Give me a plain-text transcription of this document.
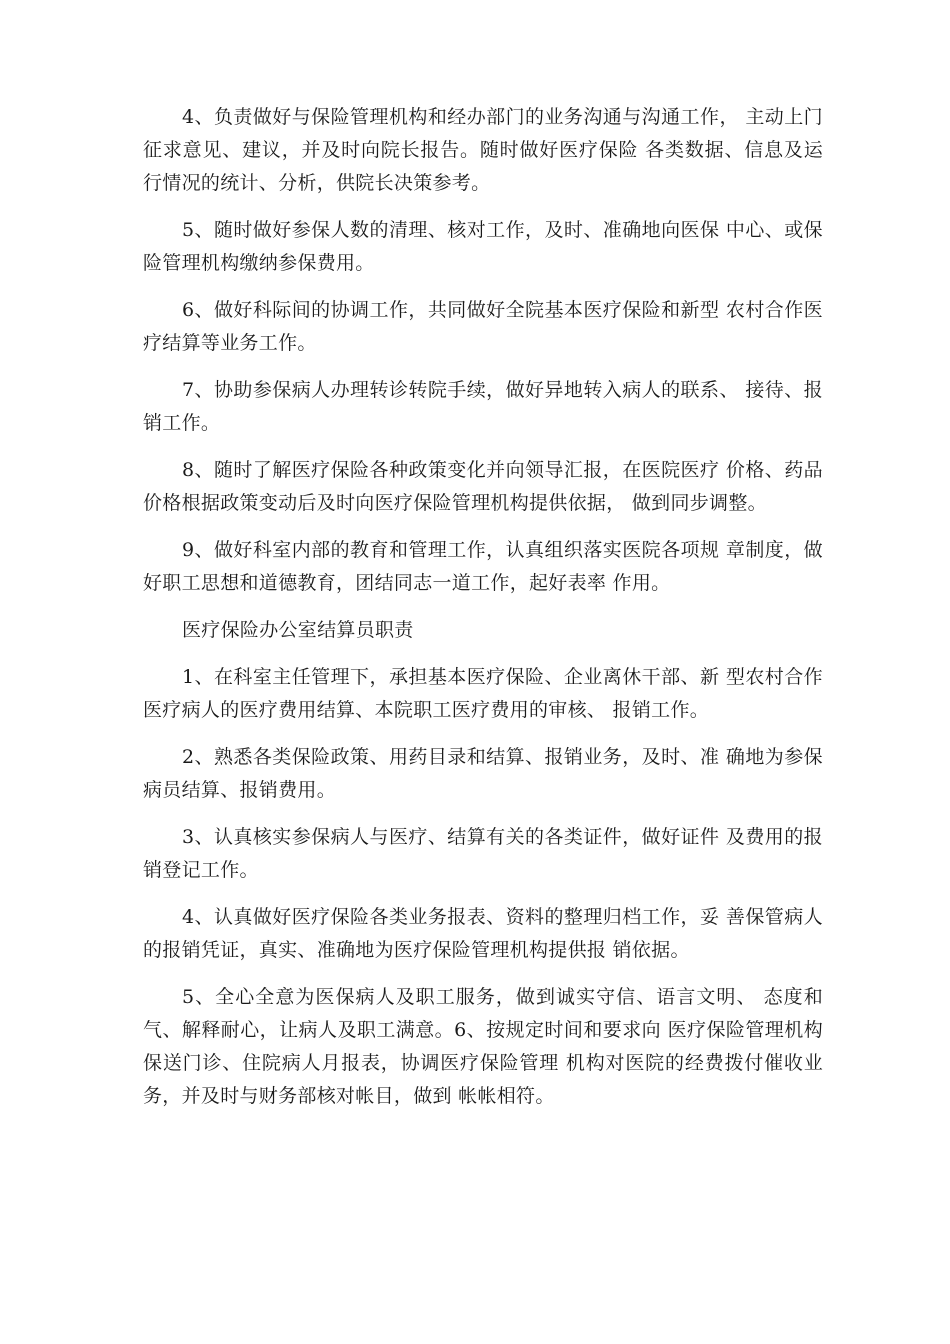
4、负责做好与保险管理机构和经办部门的业务沟通与沟通工作， 主动上门征求意见、建议，并及时向院长报告。随时做好医疗保险 各类数据、信息及运行情况的统计、分析，供院长决策参考。

5、随时做好参保人数的清理、核对工作，及时、准确地向医保 中心、或保险管理机构缴纳参保费用。

6、做好科际间的协调工作，共同做好全院基本医疗保险和新型 农村合作医疗结算等业务工作。

7、协助参保病人办理转诊转院手续，做好异地转入病人的联系、 接待、报销工作。

8、随时了解医疗保险各种政策变化并向领导汇报，在医院医疗 价格、药品价格根据政策变动后及时向医疗保险管理机构提供依据， 做到同步调整。

9、做好科室内部的教育和管理工作，认真组织落实医院各项规 章制度，做好职工思想和道德教育，团结同志一道工作，起好表率 作用。

医疗保险办公室结算员职责

1、在科室主任管理下，承担基本医疗保险、企业离休干部、新 型农村合作医疗病人的医疗费用结算、本院职工医疗费用的审核、 报销工作。

2、熟悉各类保险政策、用药目录和结算、报销业务，及时、准 确地为参保病员结算、报销费用。

3、认真核实参保病人与医疗、结算有关的各类证件，做好证件 及费用的报销登记工作。

4、认真做好医疗保险各类业务报表、资料的整理归档工作，妥 善保管病人的报销凭证，真实、准确地为医疗保险管理机构提供报 销依据。

5、全心全意为医保病人及职工服务，做到诚实守信、语言文明、 态度和气、解释耐心，让病人及职工满意。6、按规定时间和要求向 医疗保险管理机构保送门诊、住院病人月报表，协调医疗保险管理 机构对医院的经费拨付催收业务，并及时与财务部核对帐目，做到 帐帐相符。
